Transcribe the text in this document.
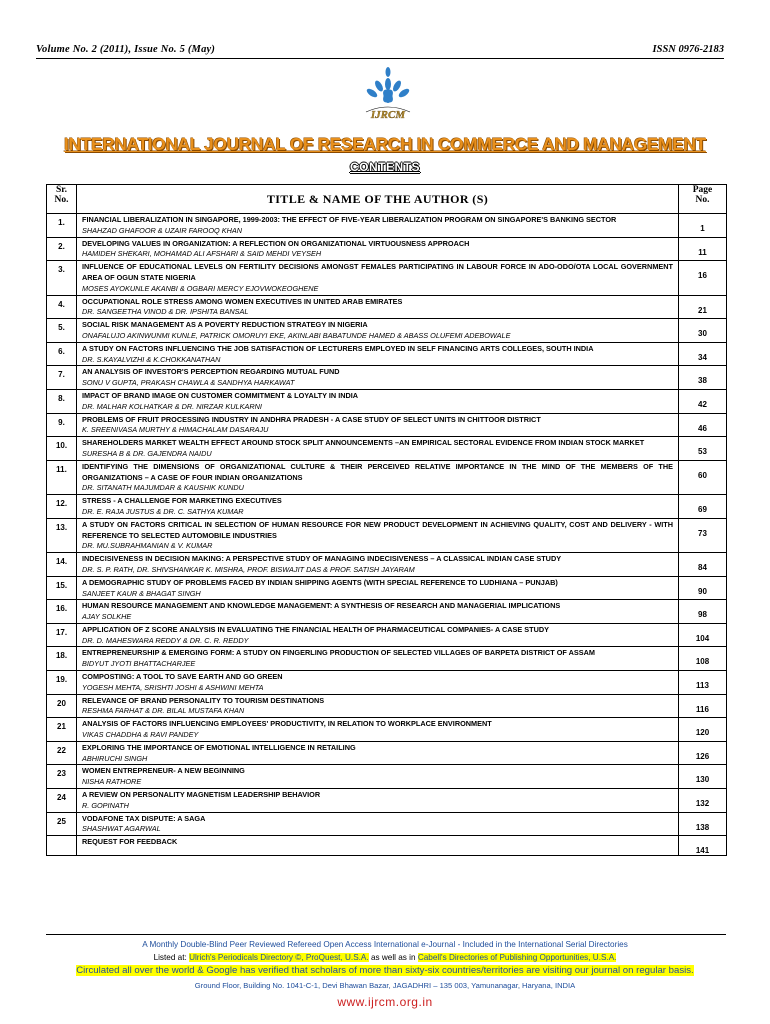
Volume No. 2 (2011), Issue No. 5 (May)	ISSN 0976-2183
IJRCM
INTERNATIONAL JOURNAL OF RESEARCH IN COMMERCE AND MANAGEMENT
CONTENTS
Sr.
No.	TITLE & NAME OF THE AUTHOR (S)	Page
No.
1.	FINANCIAL LIBERALIZATION IN SINGAPORE, 1999-2003: THE EFFECT OF FIVE-YEAR LIBERALIZATION PROGRAM ON SINGAPORE'S BANKING SECTOR
SHAHZAD GHAFOOR & UZAIR FAROOQ KHAN	1
2.	DEVELOPING VALUES IN ORGANIZATION: A REFLECTION ON ORGANIZATIONAL VIRTUOUSNESS APPROACH
HAMIDEH SHEKARI, MOHAMAD ALI AFSHARI & SAID MEHDI VEYSEH	11
3.	INFLUENCE OF EDUCATIONAL LEVELS ON FERTILITY DECISIONS AMONGST FEMALES PARTICIPATING IN LABOUR FORCE IN ADO-ODO/OTA LOCAL GOVERNMENT AREA OF OGUN STATE NIGERIA
MOSES AYOKUNLE AKANBI & OGBARI MERCY EJOVWOKEOGHENE	16
4.	OCCUPATIONAL ROLE STRESS AMONG WOMEN EXECUTIVES IN UNITED ARAB EMIRATES
DR. SANGEETHA VINOD & DR. IPSHITA BANSAL	21
5.	SOCIAL RISK MANAGEMENT AS A POVERTY REDUCTION STRATEGY IN NIGERIA
ONAFALUJO AKINWUNMI KUNLE, PATRICK OMORUYI EKE, AKINLABI BABATUNDE HAMED & ABASS OLUFEMI ADEBOWALE	30
6.	A STUDY ON FACTORS INFLUENCING THE JOB SATISFACTION OF LECTURERS EMPLOYED IN SELF FINANCING ARTS COLLEGES, SOUTH INDIA
DR. S.KAYALVIZHI & K.CHOKKANATHAN	34
7.	AN ANALYSIS OF INVESTOR'S PERCEPTION REGARDING MUTUAL FUND
SONU V GUPTA, PRAKASH CHAWLA & SANDHYA HARKAWAT	38
8.	IMPACT OF BRAND IMAGE ON CUSTOMER COMMITMENT & LOYALTY IN INDIA
DR. MALHAR KOLHATKAR & DR. NIRZAR KULKARNI	42
9.	PROBLEMS OF FRUIT PROCESSING INDUSTRY IN ANDHRA PRADESH - A CASE STUDY OF SELECT UNITS IN CHITTOOR DISTRICT
K. SREENIVASA MURTHY & HIMACHALAM DASARAJU	46
10.	SHAREHOLDERS MARKET WEALTH EFFECT AROUND STOCK SPLIT ANNOUNCEMENTS –AN EMPIRICAL SECTORAL EVIDENCE FROM INDIAN STOCK MARKET
SURESHA B & DR. GAJENDRA NAIDU	53
11.	IDENTIFYING THE DIMENSIONS OF ORGANIZATIONAL CULTURE & THEIR PERCEIVED RELATIVE IMPORTANCE IN THE MIND OF THE MEMBERS OF THE ORGANIZATIONS – A CASE OF FOUR INDIAN ORGANIZATIONS
DR. SITANATH MAJUMDAR & KAUSHIK KUNDU	60
12.	STRESS - A CHALLENGE FOR MARKETING EXECUTIVES
DR. E. RAJA JUSTUS & DR. C. SATHYA KUMAR	69
13.	A STUDY ON FACTORS CRITICAL IN SELECTION OF HUMAN RESOURCE FOR NEW PRODUCT DEVELOPMENT IN ACHIEVING QUALITY, COST AND DELIVERY - WITH REFERENCE TO SELECTED AUTOMOBILE INDUSTRIES
DR. MU.SUBRAHMANIAN & V. KUMAR	73
14.	INDECISIVENESS IN DECISION MAKING: A PERSPECTIVE STUDY OF MANAGING INDECISIVENESS – A CLASSICAL INDIAN CASE STUDY
DR. S. P. RATH, DR. SHIVSHANKAR K. MISHRA, PROF. BISWAJIT DAS & PROF. SATISH JAYARAM	84
15.	A DEMOGRAPHIC STUDY OF PROBLEMS FACED BY INDIAN SHIPPING AGENTS (WITH SPECIAL REFERENCE TO LUDHIANA – PUNJAB)
SANJEET KAUR & BHAGAT SINGH	90
16.	HUMAN RESOURCE MANAGEMENT AND KNOWLEDGE MANAGEMENT: A SYNTHESIS OF RESEARCH AND MANAGERIAL IMPLICATIONS
AJAY SOLKHE	98
17.	APPLICATION OF Z SCORE ANALYSIS IN EVALUATING THE FINANCIAL HEALTH OF PHARMACEUTICAL COMPANIES- A CASE STUDY
DR. D. MAHESWARA REDDY & DR. C. R. REDDY	104
18.	ENTREPRENEURSHIP & EMERGING FORM: A STUDY ON FINGERLING PRODUCTION OF SELECTED VILLAGES OF BARPETA DISTRICT OF ASSAM
BIDYUT JYOTI BHATTACHARJEE	108
19.	COMPOSTING: A TOOL TO SAVE EARTH AND GO GREEN
YOGESH MEHTA, SRISHTI JOSHI & ASHWINI MEHTA	113
20	RELEVANCE OF BRAND PERSONALITY TO TOURISM DESTINATIONS
RESHMA FARHAT & DR. BILAL MUSTAFA KHAN	116
21	ANALYSIS OF FACTORS INFLUENCING EMPLOYEES' PRODUCTIVITY, IN RELATION TO WORKPLACE ENVIRONMENT
VIKAS CHADDHA & RAVI PANDEY	120
22	EXPLORING THE IMPORTANCE OF EMOTIONAL INTELLIGENCE IN RETAILING
ABHIRUCHI SINGH	126
23	WOMEN ENTREPRENEUR- A NEW BEGINNING
NISHA RATHORE	130
24	A REVIEW ON PERSONALITY MAGNETISM LEADERSHIP BEHAVIOR
R. GOPINATH	132
25	VODAFONE TAX DISPUTE: A SAGA
SHASHWAT AGARWAL	138

	REQUEST FOR FEEDBACK	141
A Monthly Double-Blind Peer Reviewed Refereed Open Access International e-Journal - Included in the International Serial Directories
Listed at: Ulrich's Periodicals Directory ©, ProQuest, U.S.A. as well as in Cabell's Directories of Publishing Opportunities, U.S.A.
Circulated all over the world & Google has verified that scholars of more than sixty-six countries/territories are visiting our journal on regular basis.
Ground Floor, Building No. 1041-C-1, Devi Bhawan Bazar, JAGADHRI – 135 003, Yamunanagar, Haryana, INDIA
www.ijrcm.org.in
